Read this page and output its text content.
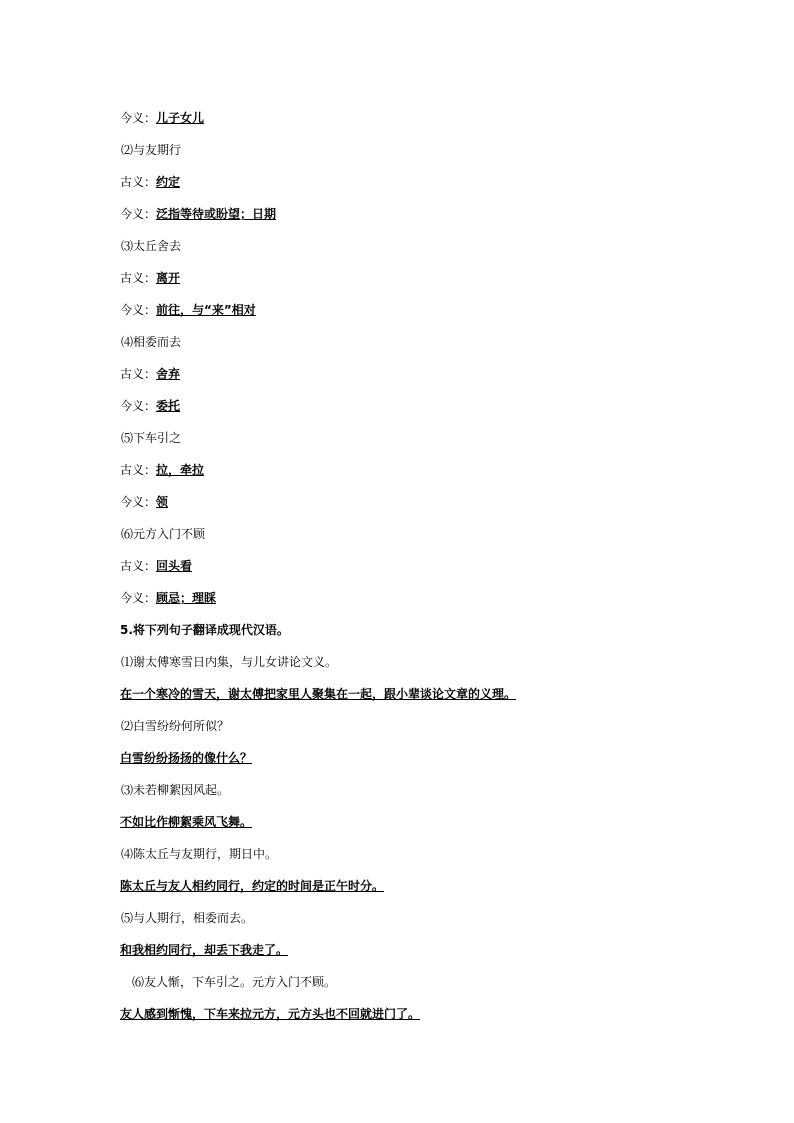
今义：儿子女儿
⑵与友期行
古义：约定
今义：泛指等待或盼望；日期
⑶太丘舍去
古义：离开
今义：前往，与“来”相对
⑷相委而去
古义：舍弃
今义：委托
⑸下车引之
古义：拉，牵拉
今义：领
⑹元方入门不顾
古义：回头看
今义：顾忌；理睬
5.将下列句子翻译成现代汉语。
⑴谢太傅寒雪日内集，与儿女讲论文义。
在一个寒冷的雪天，谢太傅把家里人聚集在一起，跟小辈谈论文章的义理。
⑵白雪纷纷何所似？
白雪纷纷扬扬的像什么？
⑶未若柳絮因风起。
不如比作柳絮乘风飞舞。
⑷陈太丘与友期行，期日中。
陈太丘与友人相约同行，约定的时间是正午时分。
⑸与人期行，相委而去。
和我相约同行，却丢下我走了。
⑹友人惭，下车引之。元方入门不顾。
友人感到惭愧，下车来拉元方，元方头也不回就进门了。
